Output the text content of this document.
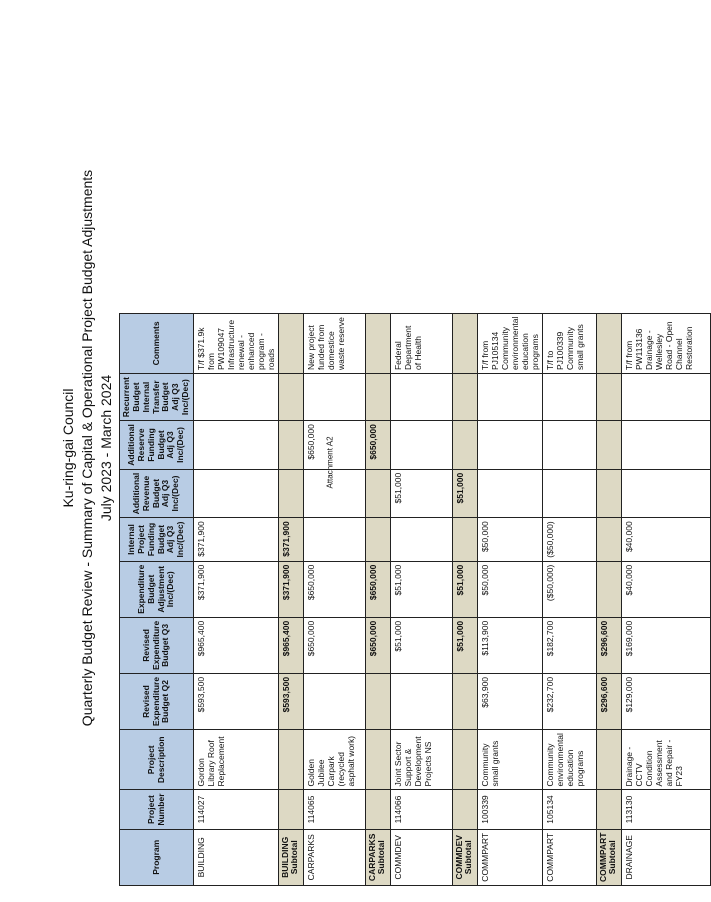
Attachment A2
Ku-ring-gai Council Quarterly Budget Review - Summary of Capital & Operational Project Budget Adjustments July 2023 - March 2024
Program	Project Number	Project Description	Revised Expenditure Budget Q2	Revised Expenditure Budget Q3	Expenditure Budget Adjustment Inc/(Dec)	Internal Project Funding Budget Adj Q3 Inc/(Dec)	Additional Revenue Budget Adj Q3 Inc/(Dec)	Additional Reserve Funding Budget Adj Q3 Inc/(Dec)	Recurrent Budget Internal Transfer Budget Adj Q3 Inc/(Dec)	Comments
BUILDING	114027	Gordon Library Roof Replacement	$593,500	$965,400	$371,900	$371,900				T/f $371.9k from PW109047 Infrastructure renewal - enhanced program - roads
BUILDING Subtotal			$593,500	$965,400	$371,900	$371,900				
CARPARKS	114065	Golden Jubilee Carpark (recycled asphalt work)		$650,000	$650,000			$650,000		New project funded from domestice waste reserve
CARPARKS Subtotal				$650,000	$650,000			$650,000		
COMMDEV	114066	Joint Sector Support & Development Projects NS		$51,000	$51,000		$51,000			Federal Department of Health
COMMDEV Subtotal				$51,000	$51,000		$51,000			
COMMPART	100339	Community small grants	$63,900	$113,900	$50,000	$50,000				T/f from PJ105134 Community environmental education programs
COMMPART	105134	Community environmental education programs	$232,700	$182,700	($50,000)	($50,000)				T/f to PJ100339 Community small grants
COMMPART Subtotal			$296,600	$296,600						
DRAINAGE	113130	Drainage - CCTV Condition Assessment and Repair -FY23	$129,000	$169,000	$40,000	$40,000				T/f from PW113136 Drainage - Wellesley Road - Open Channel Restoration
